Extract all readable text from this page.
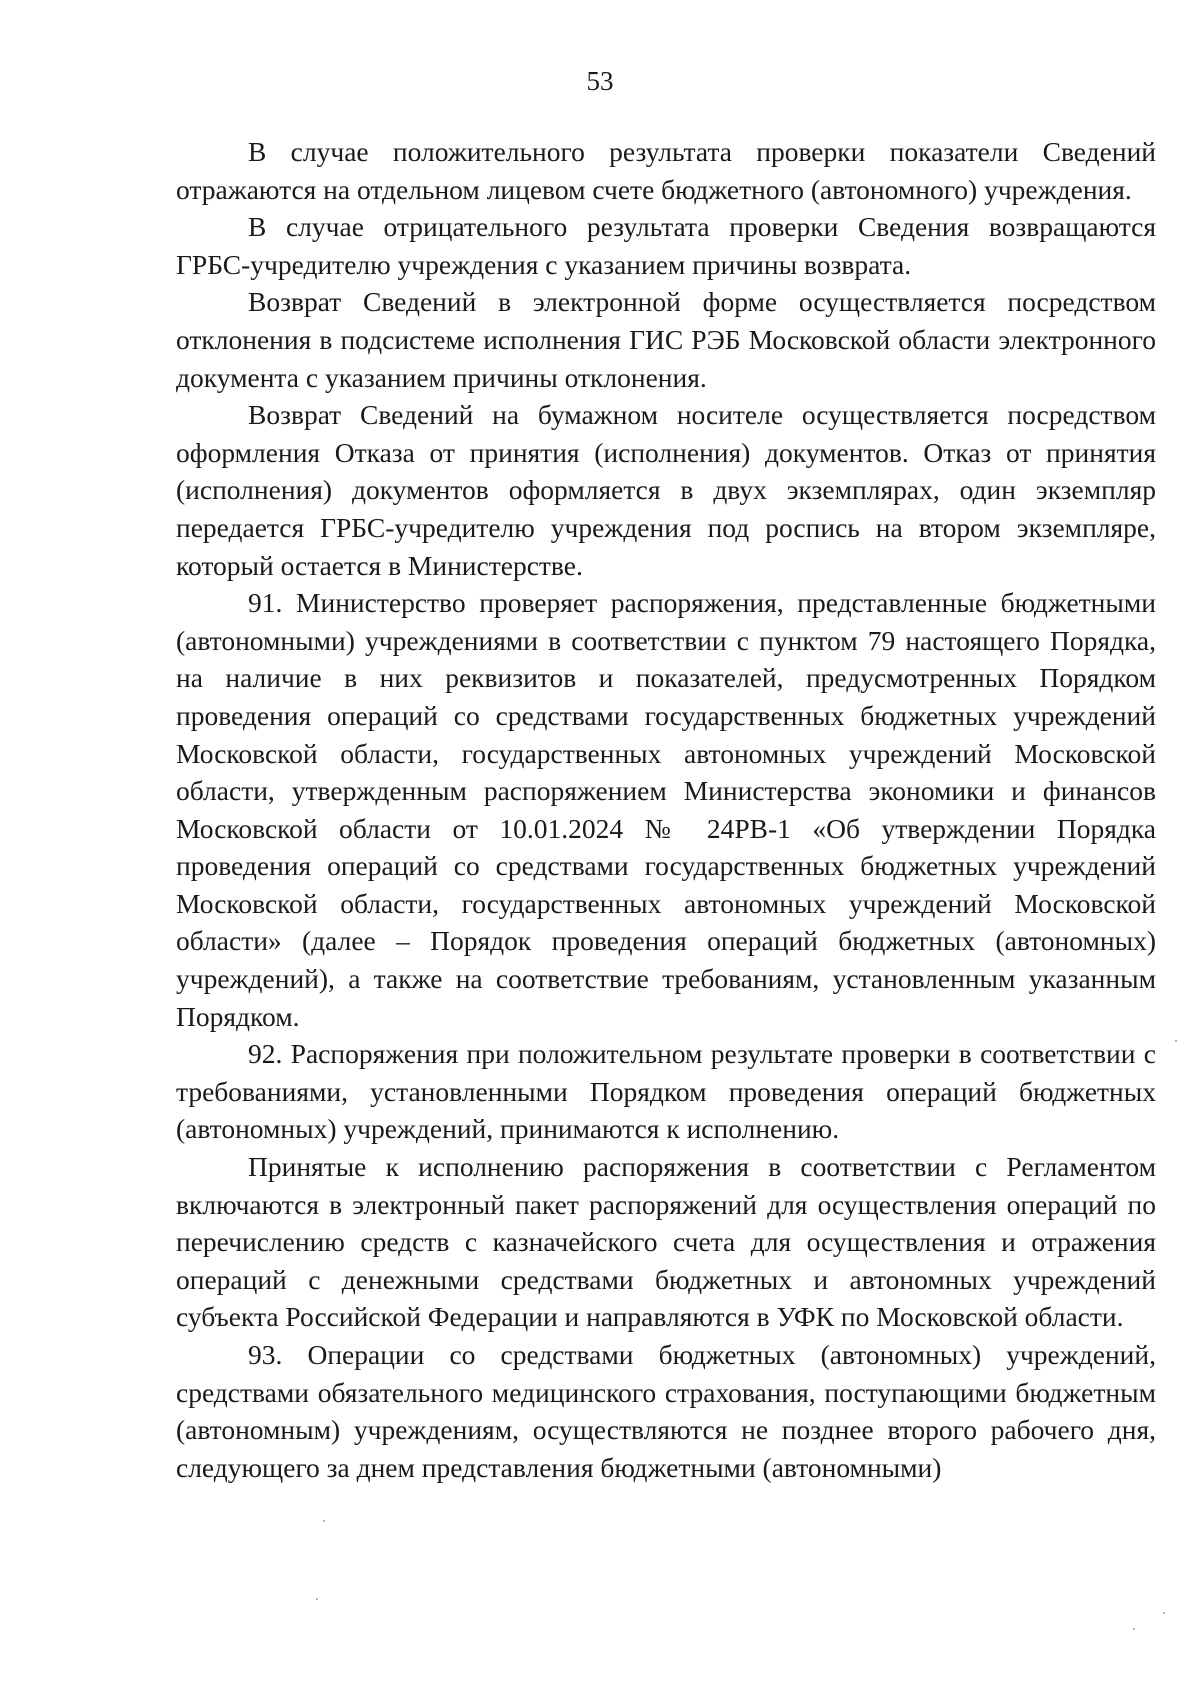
53

В случае положительного результата проверки показатели Сведений отражаются на отдельном лицевом счете бюджетного (автономного) учреждения.

В случае отрицательного результата проверки Сведения возвращаются ГРБС-учредителю учреждения с указанием причины возврата.

Возврат Сведений в электронной форме осуществляется посредством отклонения в подсистеме исполнения ГИС РЭБ Московской области электронного документа с указанием причины отклонения.

Возврат Сведений на бумажном носителе осуществляется посредством оформления Отказа от принятия (исполнения) документов. Отказ от принятия (исполнения) документов оформляется в двух экземплярах, один экземпляр передается ГРБС-учредителю учреждения под роспись на втором экземпляре, который остается в Министерстве.

91. Министерство проверяет распоряжения, представленные бюджетными (автономными) учреждениями в соответствии с пунктом 79 настоящего Порядка, на наличие в них реквизитов и показателей, предусмотренных Порядком проведения операций со средствами государственных бюджетных учреждений Московской области, государственных автономных учреждений Московской области, утвержденным распоряжением Министерства экономики и финансов Московской области от 10.01.2024 № 24РВ-1 «Об утверждении Порядка проведения операций со средствами государственных бюджетных учреждений Московской области, государственных автономных учреждений Московской области» (далее – Порядок проведения операций бюджетных (автономных) учреждений), а также на соответствие требованиям, установленным указанным Порядком.

92. Распоряжения при положительном результате проверки в соответствии с требованиями, установленными Порядком проведения операций бюджетных (автономных) учреждений, принимаются к исполнению.

Принятые к исполнению распоряжения в соответствии с Регламентом включаются в электронный пакет распоряжений для осуществления операций по перечислению средств с казначейского счета для осуществления и отражения операций с денежными средствами бюджетных и автономных учреждений субъекта Российской Федерации и направляются в УФК по Московской области.

93. Операции со средствами бюджетных (автономных) учреждений, средствами обязательного медицинского страхования, поступающими бюджетным (автономным) учреждениям, осуществляются не позднее второго рабочего дня, следующего за днем представления бюджетными (автономными)
